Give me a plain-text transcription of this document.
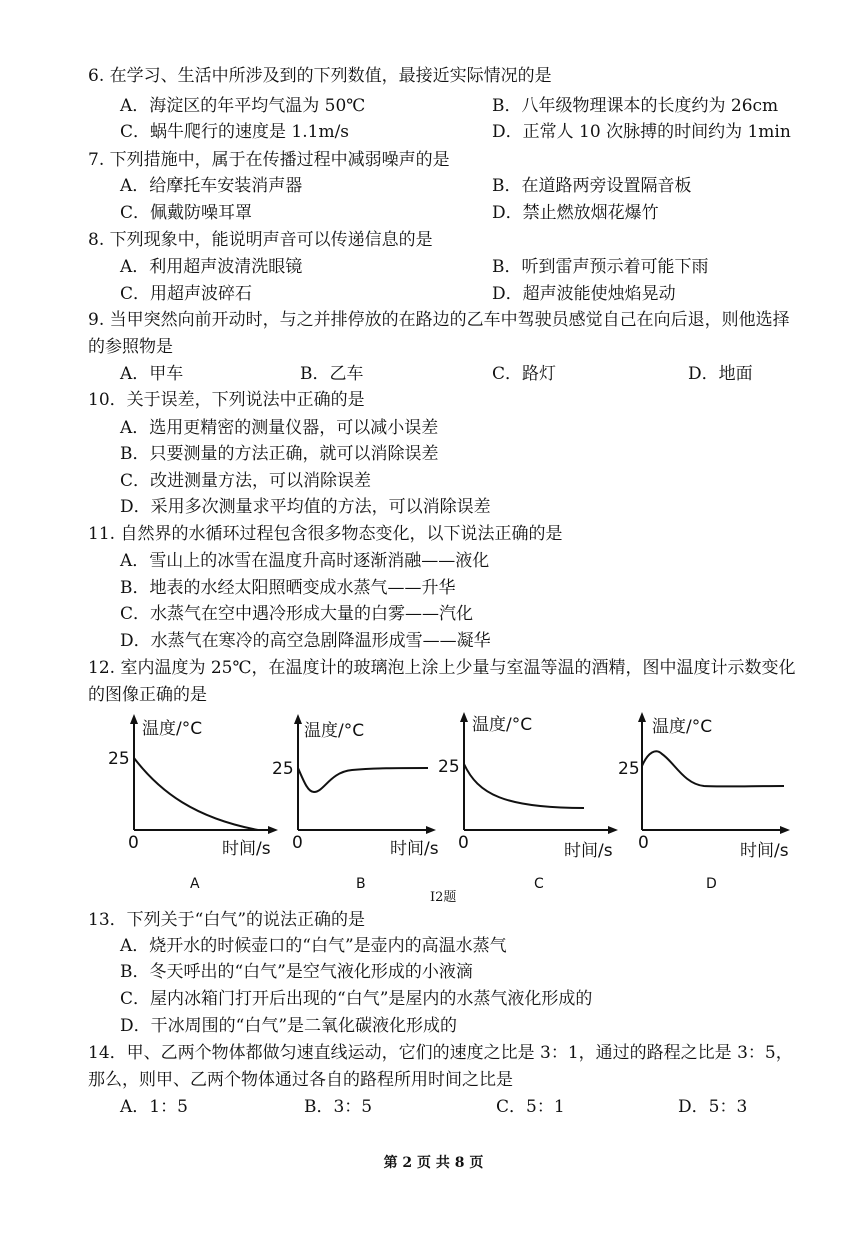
6. 在学习、生活中所涉及到的下列数值，最接近实际情况的是
A．海淀区的年平均气温为 50℃	B．八年级物理课本的长度约为 26cm
C．蜗牛爬行的速度是 1.1m/s	D．正常人 10 次脉搏的时间约为 1min
7. 下列措施中，属于在传播过程中减弱噪声的是
A．给摩托车安装消声器	B．在道路两旁设置隔音板
C．佩戴防噪耳罩	D．禁止燃放烟花爆竹
8. 下列现象中，能说明声音可以传递信息的是
A．利用超声波清洗眼镜	B．听到雷声预示着可能下雨
C．用超声波碎石	D．超声波能使烛焰晃动
9. 当甲突然向前开动时，与之并排停放的在路边的乙车中驾驶员感觉自己在向后退，则他选择
的参照物是
A．甲车	B．乙车	C．路灯	D．地面
10．关于误差，下列说法中正确的是
A．选用更精密的测量仪器，可以减小误差
B．只要测量的方法正确，就可以消除误差
C．改进测量方法，可以消除误差
D．采用多次测量求平均值的方法，可以消除误差
11. 自然界的水循环过程包含很多物态变化，以下说法正确的是
A．雪山上的冰雪在温度升高时逐渐消融——液化
B．地表的水经太阳照晒变成水蒸气——升华
C．水蒸气在空中遇冷形成大量的白雾——汽化
D．水蒸气在寒冷的高空急剧降温形成雪——凝华
12. 室内温度为 25℃，在温度计的玻璃泡上涂上少量与室温等温的酒精，图中温度计示数变化
的图像正确的是
温度/°C
25
0	时间/s
A
温度/°C
25
0	时间/s
B
温度/°C
25
0	时间/s
C
温度/°C
25
0	时间/s
D
I2题
13．下列关于“白气”的说法正确的是
A．烧开水的时候壶口的“白气”是壶内的高温水蒸气
B．冬天呼出的“白气”是空气液化形成的小液滴
C．屋内冰箱门打开后出现的“白气”是屋内的水蒸气液化形成的
D．干冰周围的“白气”是二氧化碳液化形成的
14．甲、乙两个物体都做匀速直线运动，它们的速度之比是 3：1，通过的路程之比是 3：5，
那么，则甲、乙两个物体通过各自的路程所用时间之比是
A．1：5	B．3：5	C．5：1	D．5：3
第 2 页 共 8 页
